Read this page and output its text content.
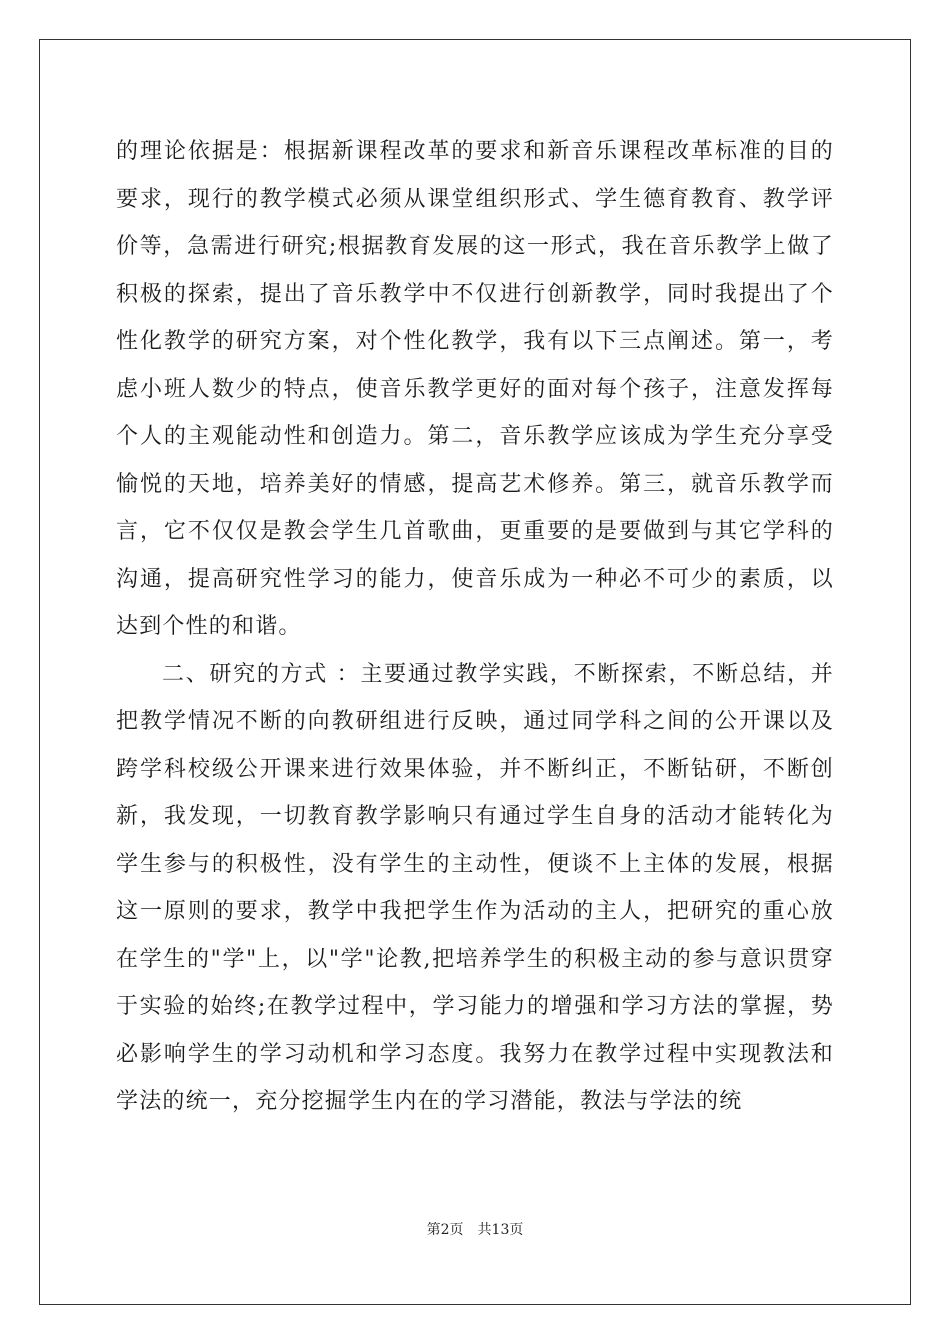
的理论依据是：根据新课程改革的要求和新音乐课程改革标准的目的要求，现行的教学模式必须从课堂组织形式、学生德育教育、教学评价等，急需进行研究;根据教育发展的这一形式，我在音乐教学上做了积极的探索，提出了音乐教学中不仅进行创新教学，同时我提出了个性化教学的研究方案，对个性化教学，我有以下三点阐述。第一，考虑小班人数少的特点，使音乐教学更好的面对每个孩子，注意发挥每个人的主观能动性和创造力。第二，音乐教学应该成为学生充分享受愉悦的天地，培养美好的情感，提高艺术修养。第三，就音乐教学而言，它不仅仅是教会学生几首歌曲，更重要的是要做到与其它学科的沟通，提高研究性学习的能力，使音乐成为一种必不可少的素质，以达到个性的和谐。

二、研究的方式 ：主要通过教学实践，不断探索，不断总结，并把教学情况不断的向教研组进行反映，通过同学科之间的公开课以及跨学科校级公开课来进行效果体验，并不断纠正，不断钻研，不断创新，我发现，一切教育教学影响只有通过学生自身的活动才能转化为学生参与的积极性，没有学生的主动性，便谈不上主体的发展，根据这一原则的要求，教学中我把学生作为活动的主人，把研究的重心放在学生的"学"上，以"学"论教,把培养学生的积极主动的参与意识贯穿于实验的始终;在教学过程中，学习能力的增强和学习方法的掌握，势必影响学生的学习动机和学习态度。我努力在教学过程中实现教法和学法的统一，充分挖掘学生内在的学习潜能，教法与学法的统

第2页 共13页
